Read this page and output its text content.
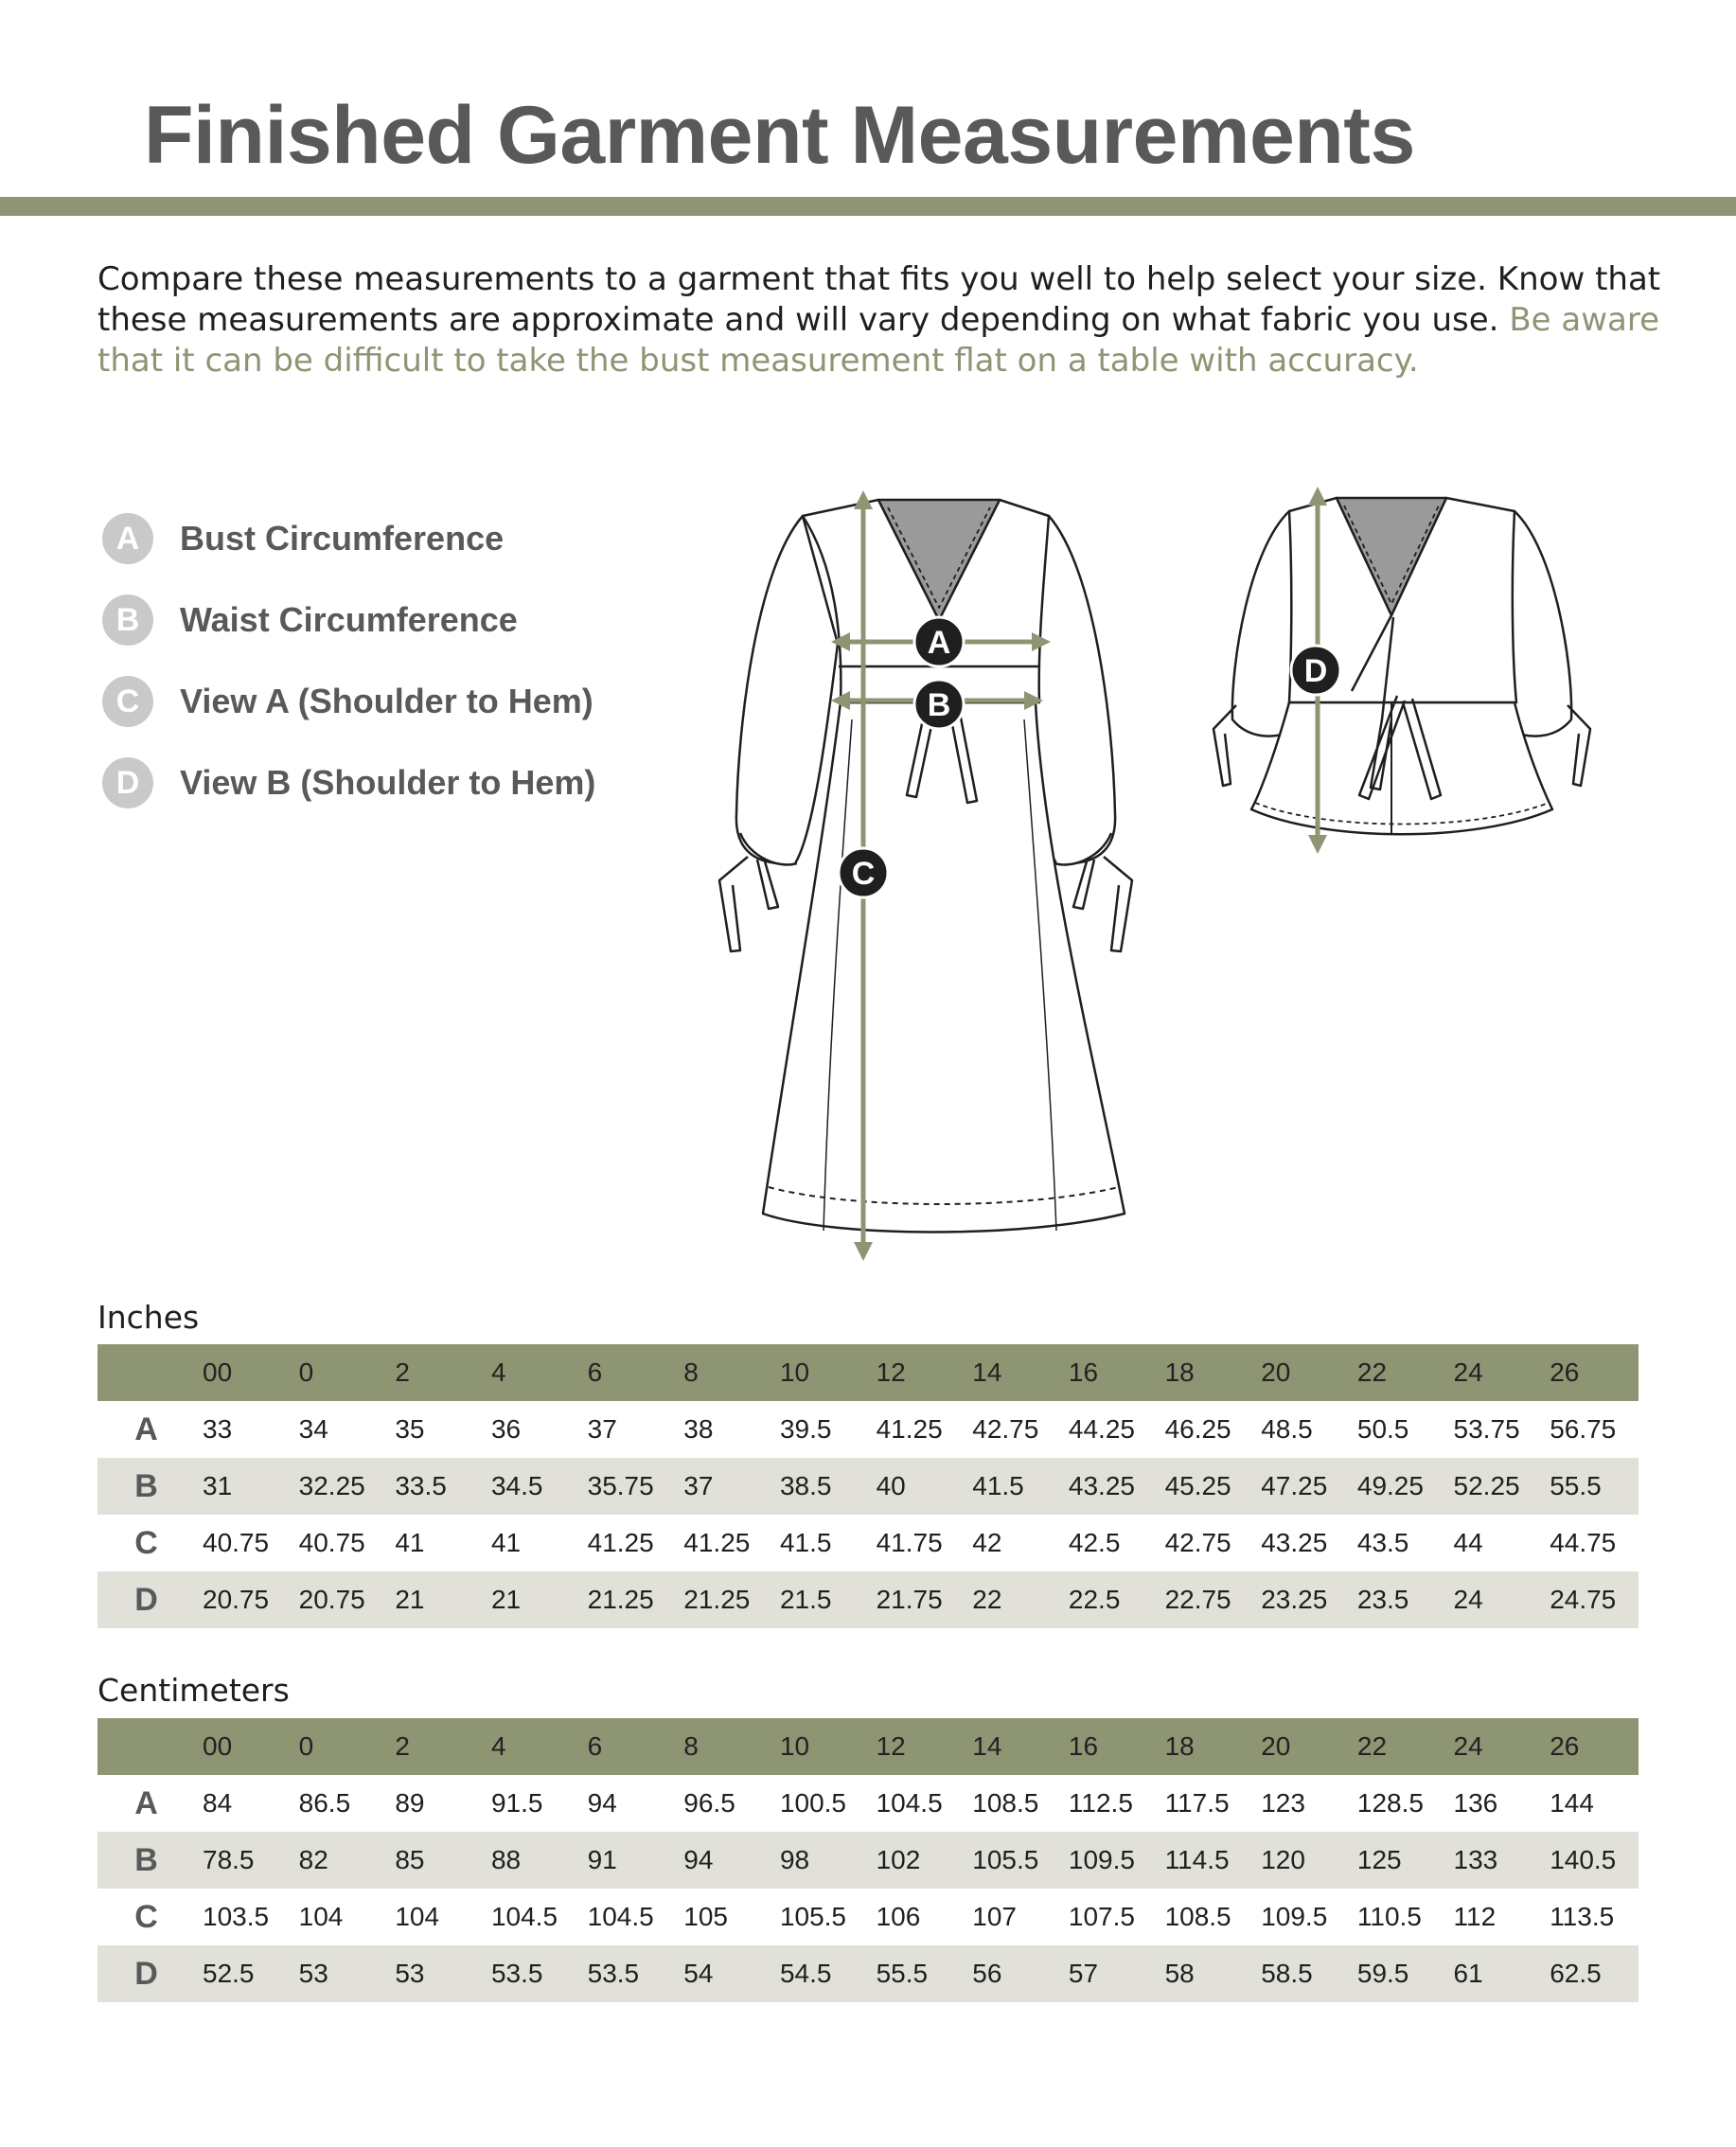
Finished Garment Measurements

Compare these measurements to a garment that fits you well to help select your size. Know that these measurements are approximate and will vary depending on what fabric you use. Be aware that it can be difficult to take the bust measurement flat on a table with accuracy.

A	Bust Circumference
B	Waist Circumference
C	View A (Shoulder to Hem)
D	View B (Shoulder to Hem)
A
B
C
D
Inches
	00	0	2	4	6	8	10	12	14	16	18	20	22	24	26
A	33	34	35	36	37	38	39.5	41.25	42.75	44.25	46.25	48.5	50.5	53.75	56.75
B	31	32.25	33.5	34.5	35.75	37	38.5	40	41.5	43.25	45.25	47.25	49.25	52.25	55.5
C	40.75	40.75	41	41	41.25	41.25	41.5	41.75	42	42.5	42.75	43.25	43.5	44	44.75
D	20.75	20.75	21	21	21.25	21.25	21.5	21.75	22	22.5	22.75	23.25	23.5	24	24.75
Centimeters
	00	0	2	4	6	8	10	12	14	16	18	20	22	24	26
A	84	86.5	89	91.5	94	96.5	100.5	104.5	108.5	112.5	117.5	123	128.5	136	144
B	78.5	82	85	88	91	94	98	102	105.5	109.5	114.5	120	125	133	140.5
C	103.5	104	104	104.5	104.5	105	105.5	106	107	107.5	108.5	109.5	110.5	112	113.5
D	52.5	53	53	53.5	53.5	54	54.5	55.5	56	57	58	58.5	59.5	61	62.5
